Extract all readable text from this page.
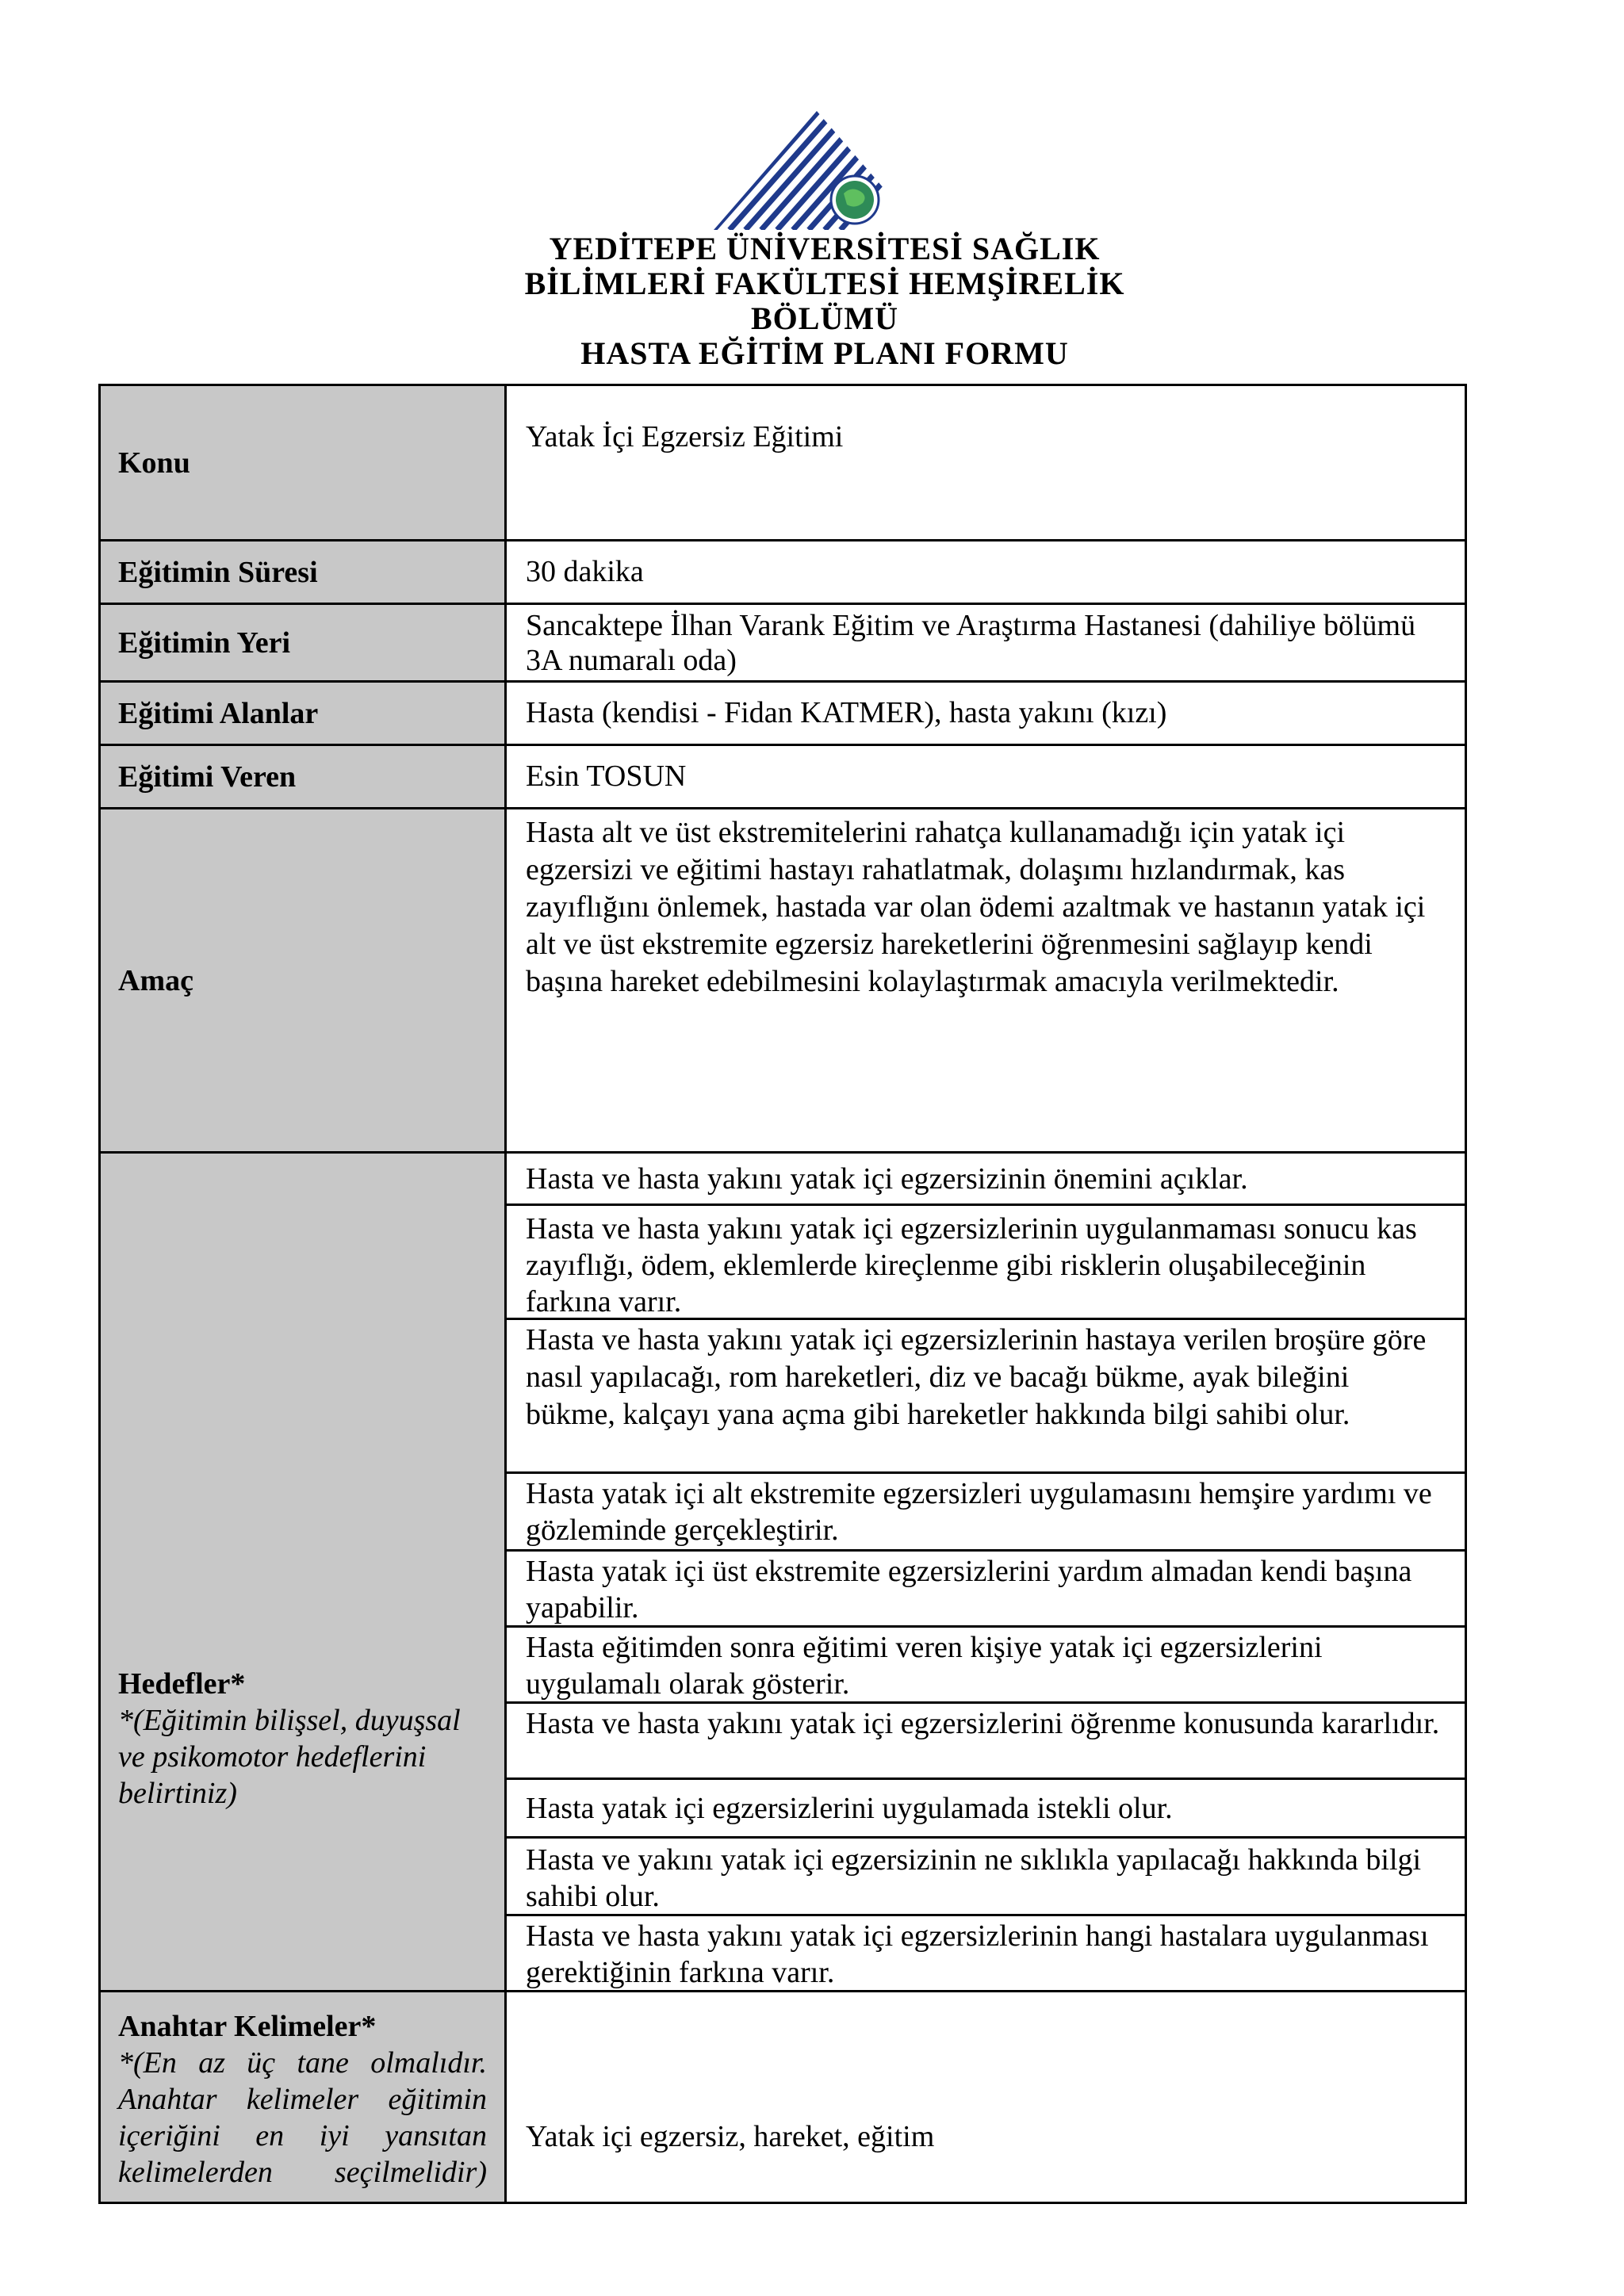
YEDİTEPE ÜNİVERSİTESİ SAĞLIK
BİLİMLERİ FAKÜLTESİ HEMŞİRELİK
BÖLÜMÜ
HASTA EĞİTİM PLANI FORMU
Konu
Eğitimin Süresi
Eğitimin Yeri
Eğitimi Alanlar
Eğitimi Veren
Amaç
Hedefler*
*(Eğitimin bilişsel, duyuşsal ve psikomotor hedeflerini belirtiniz)
Anahtar Kelimeler*
*(En az üç tane olmalıdır. Anahtar kelimeler eğitimin içeriğini en iyi yansıtan kelimelerden seçilmelidir)
Yatak İçi Egzersiz Eğitimi
30 dakika
Sancaktepe İlhan Varank Eğitim ve Araştırma Hastanesi (dahiliye bölümü 3A numaralı oda)
Hasta (kendisi - Fidan KATMER), hasta yakını (kızı)
Esin TOSUN
Hasta alt ve üst ekstremitelerini rahatça kullanamadığı için yatak içi egzersizi ve eğitimi hastayı rahatlatmak, dolaşımı hızlandırmak, kas zayıflığını önlemek, hastada var olan ödemi azaltmak ve hastanın yatak içi alt ve üst ekstremite egzersiz hareketlerini öğrenmesini sağlayıp kendi başına hareket edebilmesini kolaylaştırmak amacıyla verilmektedir.
Hasta ve hasta yakını yatak içi egzersizinin önemini açıklar.
Hasta ve hasta yakını yatak içi egzersizlerinin uygulanmaması sonucu kas zayıflığı, ödem, eklemlerde kireçlenme gibi risklerin oluşabileceğinin farkına varır.
Hasta ve hasta yakını yatak içi egzersizlerinin hastaya verilen broşüre göre nasıl yapılacağı, rom hareketleri, diz ve bacağı bükme, ayak bileğini bükme, kalçayı yana açma gibi hareketler hakkında bilgi sahibi olur.
Hasta yatak içi alt ekstremite egzersizleri uygulamasını hemşire yardımı ve gözleminde gerçekleştirir.
Hasta yatak içi üst ekstremite egzersizlerini yardım almadan kendi başına yapabilir.
Hasta eğitimden sonra eğitimi veren kişiye yatak içi egzersizlerini uygulamalı olarak gösterir.
Hasta ve hasta yakını yatak içi egzersizlerini öğrenme konusunda kararlıdır.
Hasta yatak içi egzersizlerini uygulamada istekli olur.
Hasta ve yakını yatak içi egzersizinin ne sıklıkla yapılacağı hakkında bilgi sahibi olur.
Hasta ve hasta yakını yatak içi egzersizlerinin hangi hastalara uygulanması gerektiğinin farkına varır.
Yatak içi egzersiz, hareket, eğitim
